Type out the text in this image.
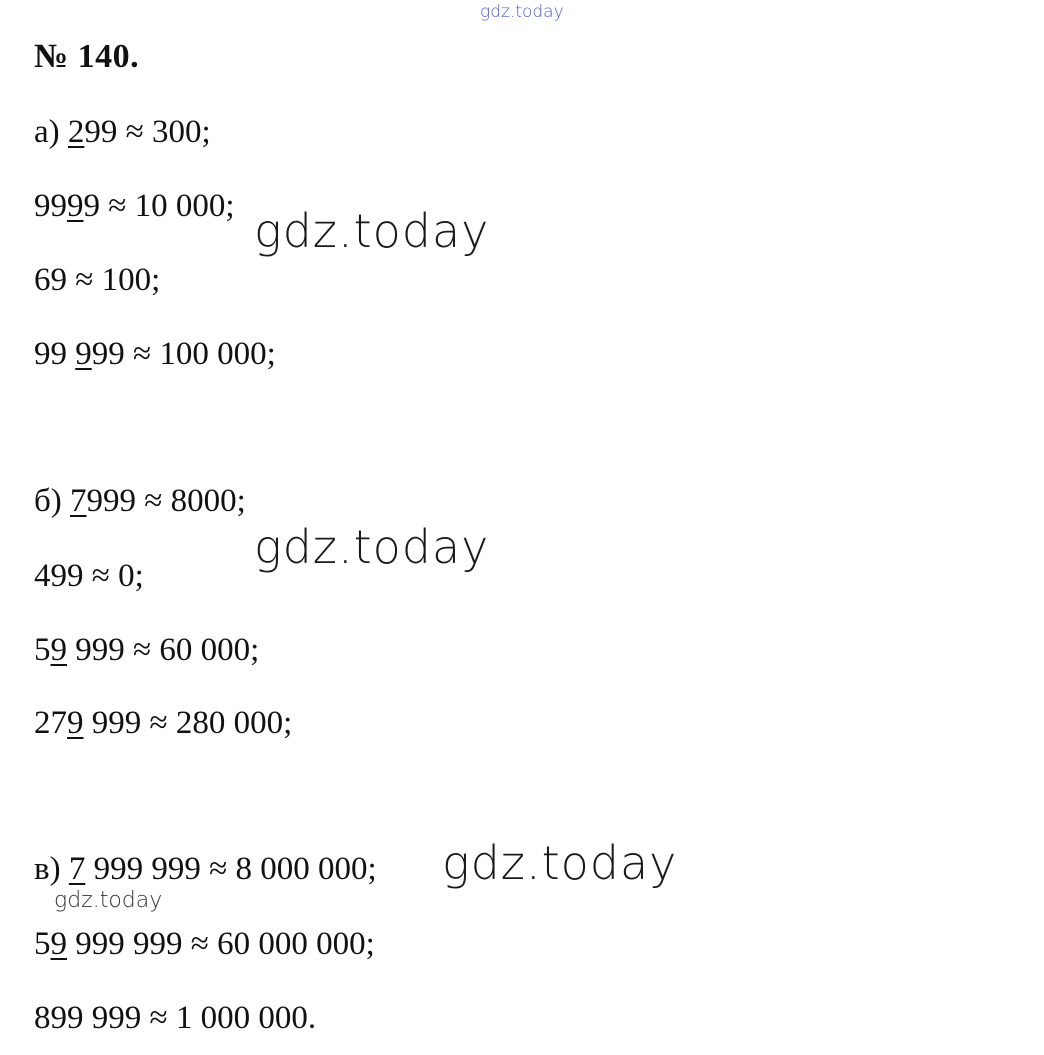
gdz.today
№ 140.
а) 299 ≈ 300;
9999 ≈ 10 000;
69 ≈ 100;
99 999 ≈ 100 000;
gdz.today
б) 7999 ≈ 8000;
499 ≈ 0;
59 999 ≈ 60 000;
279 999 ≈ 280 000;
gdz.today
в) 7 999 999 ≈ 8 000 000;
gdz.today
59 999 999 ≈ 60 000 000;
899 999 ≈ 1 000 000.
gdz.today
